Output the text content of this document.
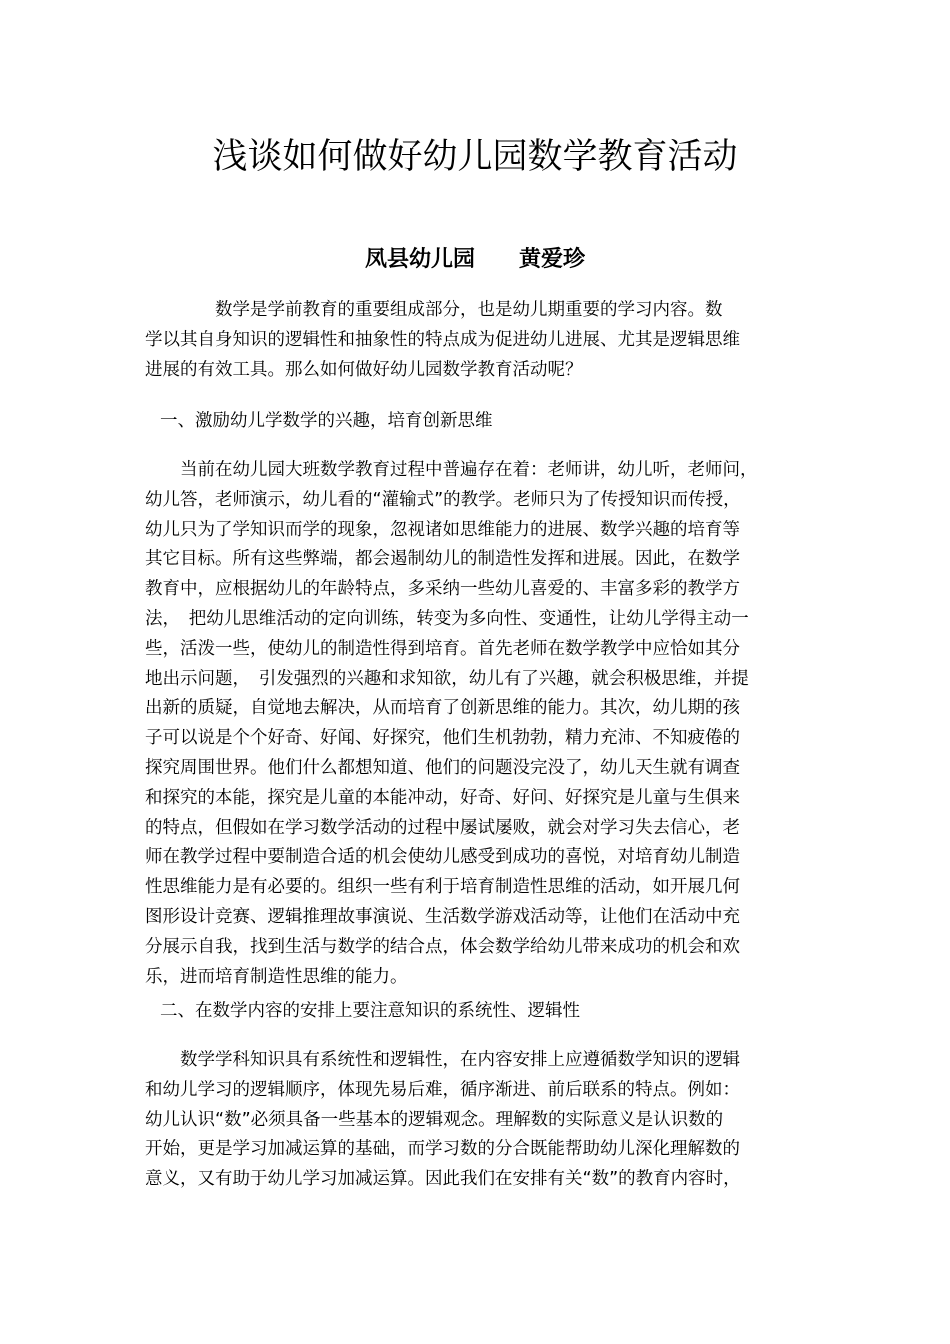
浅谈如何做好幼儿园数学教育活动
凤县幼儿园　　黄爱珍
　　　　数学是学前教育的重要组成部分，也是幼儿期重要的学习内容。数
学以其自身知识的逻辑性和抽象性的特点成为促进幼儿进展、尤其是逻辑思维
进展的有效工具。那么如何做好幼儿园数学教育活动呢？
一、激励幼儿学数学的兴趣，培育创新思维
　　当前在幼儿园大班数学教育过程中普遍存在着：老师讲，幼儿听，老师问，
幼儿答，老师演示，幼儿看的“灌输式”的教学。老师只为了传授知识而传授，
幼儿只为了学知识而学的现象，忽视诸如思维能力的进展、数学兴趣的培育等
其它目标。所有这些弊端，都会遏制幼儿的制造性发挥和进展。因此，在数学
教育中，应根据幼儿的年龄特点，多采纳一些幼儿喜爱的、丰富多彩的教学方
法，　把幼儿思维活动的定向训练，转变为多向性、变通性，让幼儿学得主动一
些，活泼一些，使幼儿的制造性得到培育。首先老师在数学教学中应恰如其分
地出示问题，　引发强烈的兴趣和求知欲，幼儿有了兴趣，就会积极思维，并提
出新的质疑，自觉地去解决，从而培育了创新思维的能力。其次，幼儿期的孩
子可以说是个个好奇、好闻、好探究，他们生机勃勃，精力充沛、不知疲倦的
探究周围世界。他们什么都想知道、他们的问题没完没了，幼儿天生就有调查
和探究的本能，探究是儿童的本能冲动，好奇、好问、好探究是儿童与生俱来
的特点，但假如在学习数学活动的过程中屡试屡败，就会对学习失去信心，老
师在教学过程中要制造合适的机会使幼儿感受到成功的喜悦，对培育幼儿制造
性思维能力是有必要的。组织一些有利于培育制造性思维的活动，如开展几何
图形设计竞赛、逻辑推理故事演说、生活数学游戏活动等，让他们在活动中充
分展示自我，找到生活与数学的结合点，体会数学给幼儿带来成功的机会和欢
乐，进而培育制造性思维的能力。
二、在数学内容的安排上要注意知识的系统性、逻辑性
　　数学学科知识具有系统性和逻辑性，在内容安排上应遵循数学知识的逻辑
和幼儿学习的逻辑顺序，体现先易后难，循序渐进、前后联系的特点。例如：
幼儿认识“数”必须具备一些基本的逻辑观念。理解数的实际意义是认识数的
开始，更是学习加减运算的基础，而学习数的分合既能帮助幼儿深化理解数的
意义，又有助于幼儿学习加减运算。因此我们在安排有关“数”的教育内容时，
